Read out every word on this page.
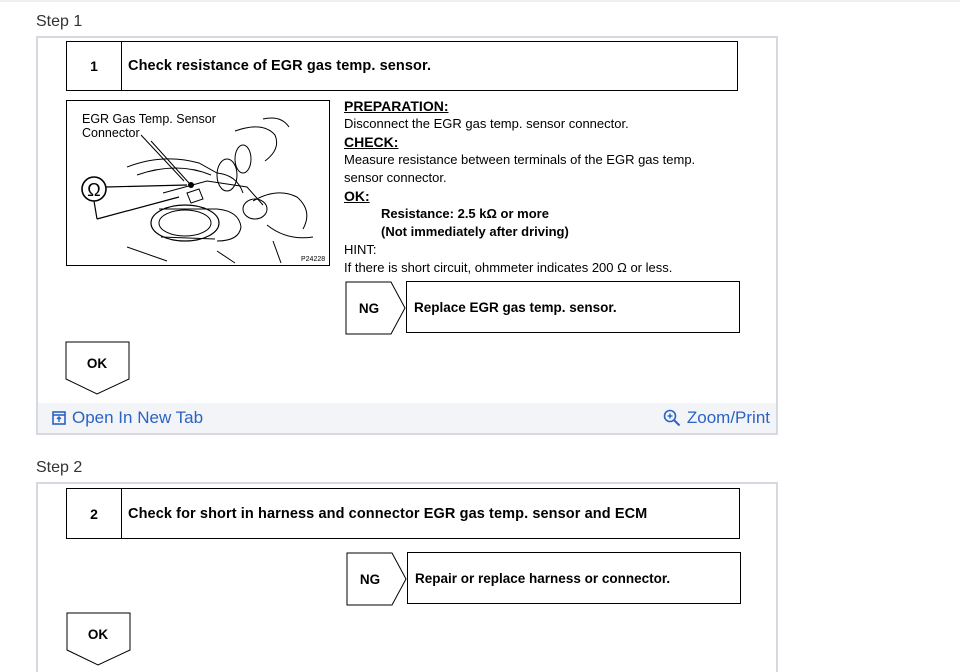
Step 1
1	Check resistance of EGR gas temp. sensor.
EGR Gas Temp. Sensor
Connector
Ω
P24228
PREPARATION:
Disconnect the EGR gas temp. sensor connector.
CHECK:
Measure resistance between terminals of the EGR gas temp.
sensor connector.
OK:
Resistance: 2.5 kΩ or more
(Not immediately after driving)
HINT:
If there is short circuit, ohmmeter indicates 200 Ω or less.
NG	Replace EGR gas temp. sensor.
OK
Open In New Tab	Zoom/Print
Step 2
2	Check for short in harness and connector EGR gas temp. sensor and ECM
NG	Repair or replace harness or connector.
OK
